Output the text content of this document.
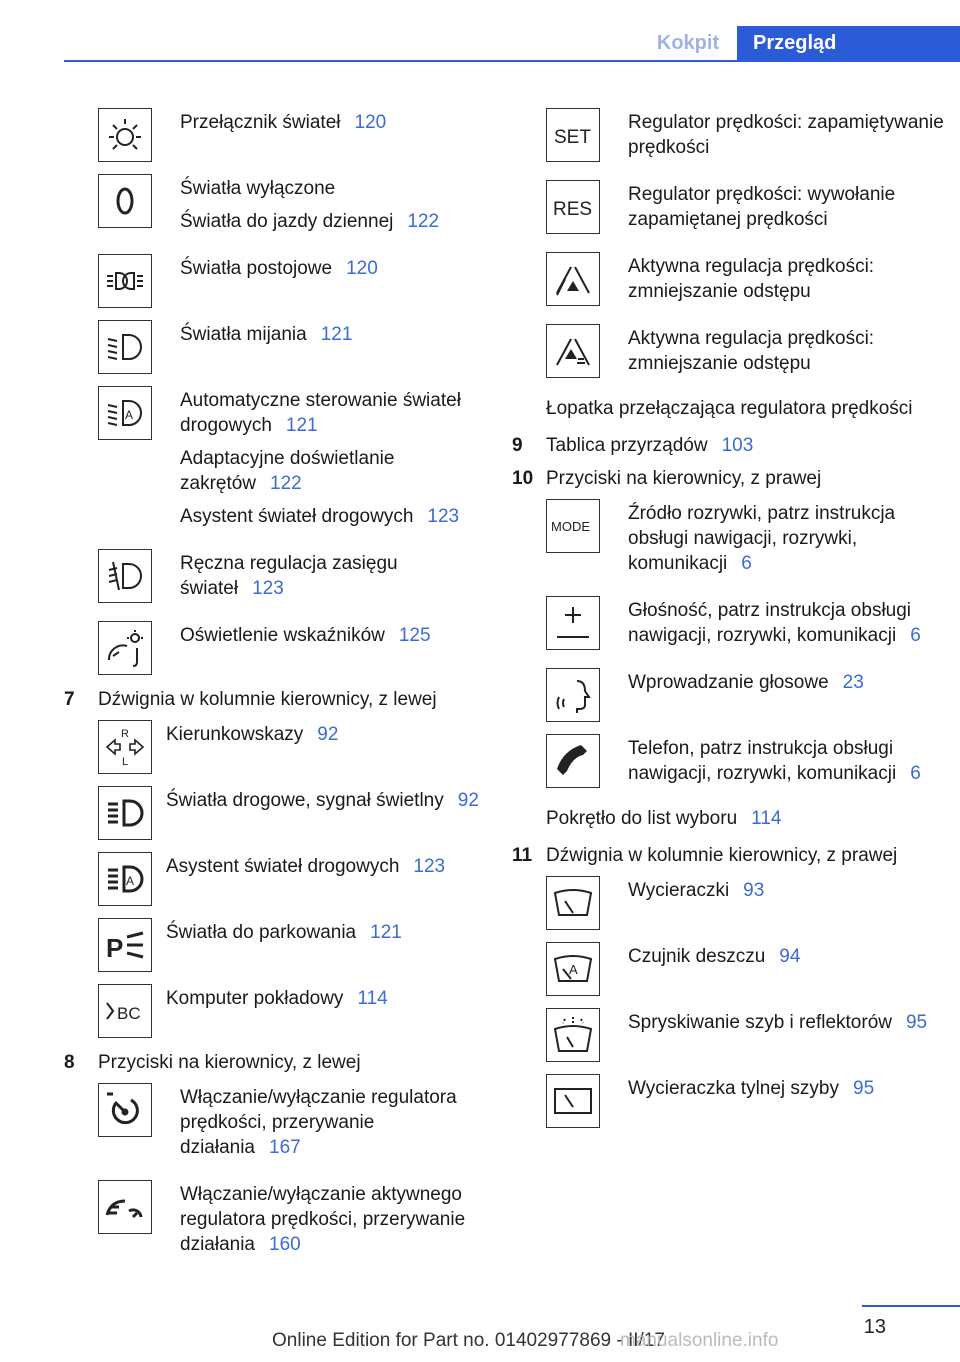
Kokpit	Przegląd

Przełącznik świateł 120

Światła wyłączone

Światła do jazdy dziennej 122

Światła postojowe 120

Światła mijania 121

A

Automatyczne sterowanie świateł drogowych 121

Adaptacyjne doświetlanie zakrętów 122

Asystent świateł drogowych 123

Ręczna regulacja zasięgu świateł 123

Oświetlenie wskaźników 125

7	Dźwignia w kolumnie kierownicy, z lewej
R
L

Kierunkowskazy 92

Światła drogowe, sygnał świetlny 92

A

Asystent świateł drogowych 123

P

Światła do parkowania 121

BC

Komputer pokładowy 114

8	Przyciski na kierownicy, z lewej

Włączanie/wyłączanie regulatora prędkości, przerywanie działania 167

Włączanie/wyłączanie aktywnego regulatora prędkości, przerywanie działania 160

SET

Regulator prędkości: zapamiętywanie prędkości

RES

Regulator prędkości: wywołanie zapamiętanej prędkości

Aktywna regulacja prędkości: zmniejszanie odstępu

Aktywna regulacja prędkości: zmniejszanie odstępu

Łopatka przełączająca regulatora prędkości
9	Tablica przyrządów 103
10 Przyciski na kierownicy, z prawej
MODE

Źródło rozrywki, patrz instrukcja obsługi nawigacji, rozrywki, komunikacji 6

Głośność, patrz instrukcja obsługi nawigacji, rozrywki, komunikacji 6

Wprowadzanie głosowe 23

Telefon, patrz instrukcja obsługi nawigacji, rozrywki, komunikacji 6

Pokrętło do list wyboru 114
11 Dźwignia w kolumnie kierownicy, z prawej

Wycieraczki 93

A

Czujnik deszczu 94

Spryskiwanie szyb i reflektorów 95

Wycieraczka tylnej szyby 95

13
Online Edition for Part no. 01402977869 - II/17
manualsonline.info
